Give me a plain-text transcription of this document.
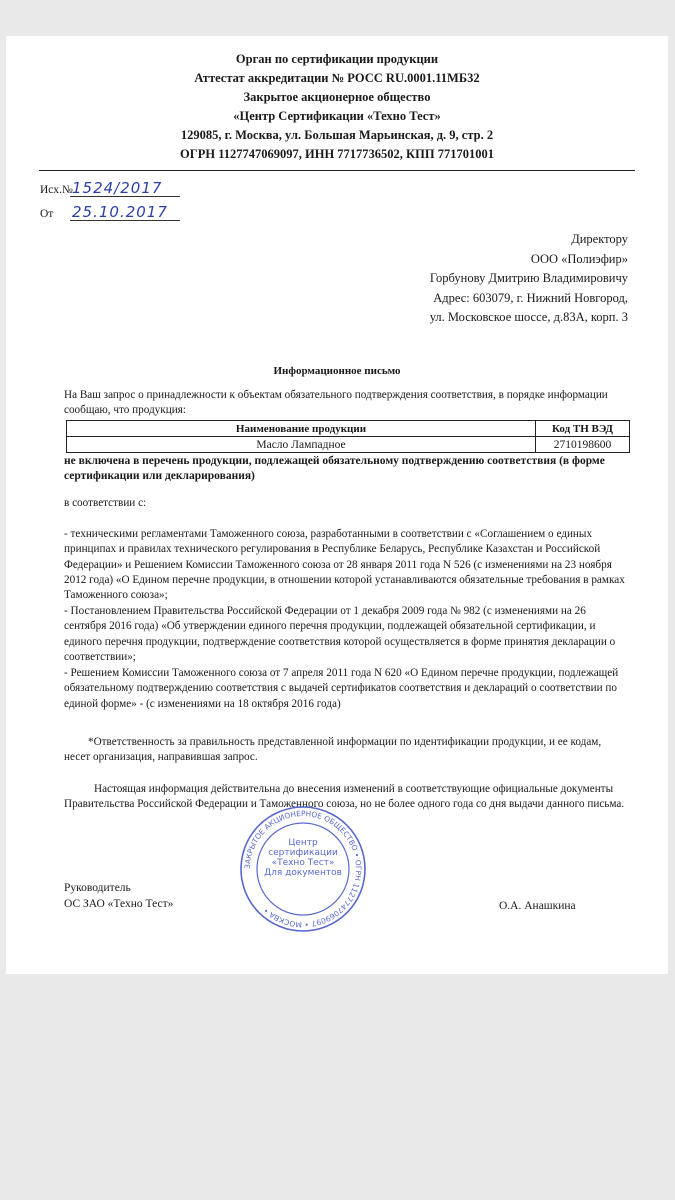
Орган по сертификации продукции
Аттестат аккредитации № РОСС RU.0001.11МБ32
Закрытое акционерное общество
«Центр Сертификации «Техно Тест»
129085, г. Москва, ул. Большая Марьинская, д. 9, стр. 2
ОГРН 1127747069097, ИНН 7717736502, КПП 771701001
Исх.№ 1524/2017
От 25.10.2017
Директору
ООО «Полиэфир»
Горбунову Дмитрию Владимировичу
Адрес: 603079, г. Нижний Новгород,
ул. Московское шоссе, д.83А, корп. 3
Информационное письмо
На Ваш запрос о принадлежности к объектам обязательного подтверждения соответствия, в порядке информации сообщаю, что продукция:
Наименование продукции	Код ТН ВЭД
Масло Лампадное	2710198600
не включена в перечень продукции, подлежащей обязательному подтверждению соответствия (в форме сертификации или декларирования)
в соответствии с:
- техническими регламентами Таможенного союза, разработанными в соответствии с «Соглашением о единых принципах и правилах технического регулирования в Республике Беларусь, Республике Казахстан и Российской Федерации» и Решением Комиссии Таможенного союза от 28 января 2011 года N 526 (с изменениями на 23 ноября 2012 года) «О Едином перечне продукции, в отношении которой устанавливаются обязательные требования в рамках Таможенного союза»;
- Постановлением Правительства Российской Федерации от 1 декабря 2009 года № 982 (с изменениями на 26 сентября 2016 года) «Об утверждении единого перечня продукции, подлежащей обязательной сертификации, и единого перечня продукции, подтверждение соответствия которой осуществляется в форме принятия декларации о соответствии»;
- Решением Комиссии Таможенного союза от 7 апреля 2011 года N 620 «О Едином перечне продукции, подлежащей обязательному подтверждению соответствия с выдачей сертификатов соответствия и деклараций о соответствии по единой форме» - (с изменениями на 18 октября 2016 года)
*Ответственность за правильность представленной информации по идентификации продукции, и ее кодам, несет организация, направившая запрос.
Настоящая информация действительна до внесения изменений в соответствующие официальные документы Правительства Российской Федерации и Таможенного союза, но не более одного года со дня выдачи данного письма.
ЗАКРЫТОЕ АКЦИОНЕРНОЕ ОБЩЕСТВО • ОГРН 1127747069097 • МОСКВА •
Центр сертификации «Техно Тест» Для документов
Руководитель
ОС ЗАО «Техно Тест»	О.А. Анашкина
